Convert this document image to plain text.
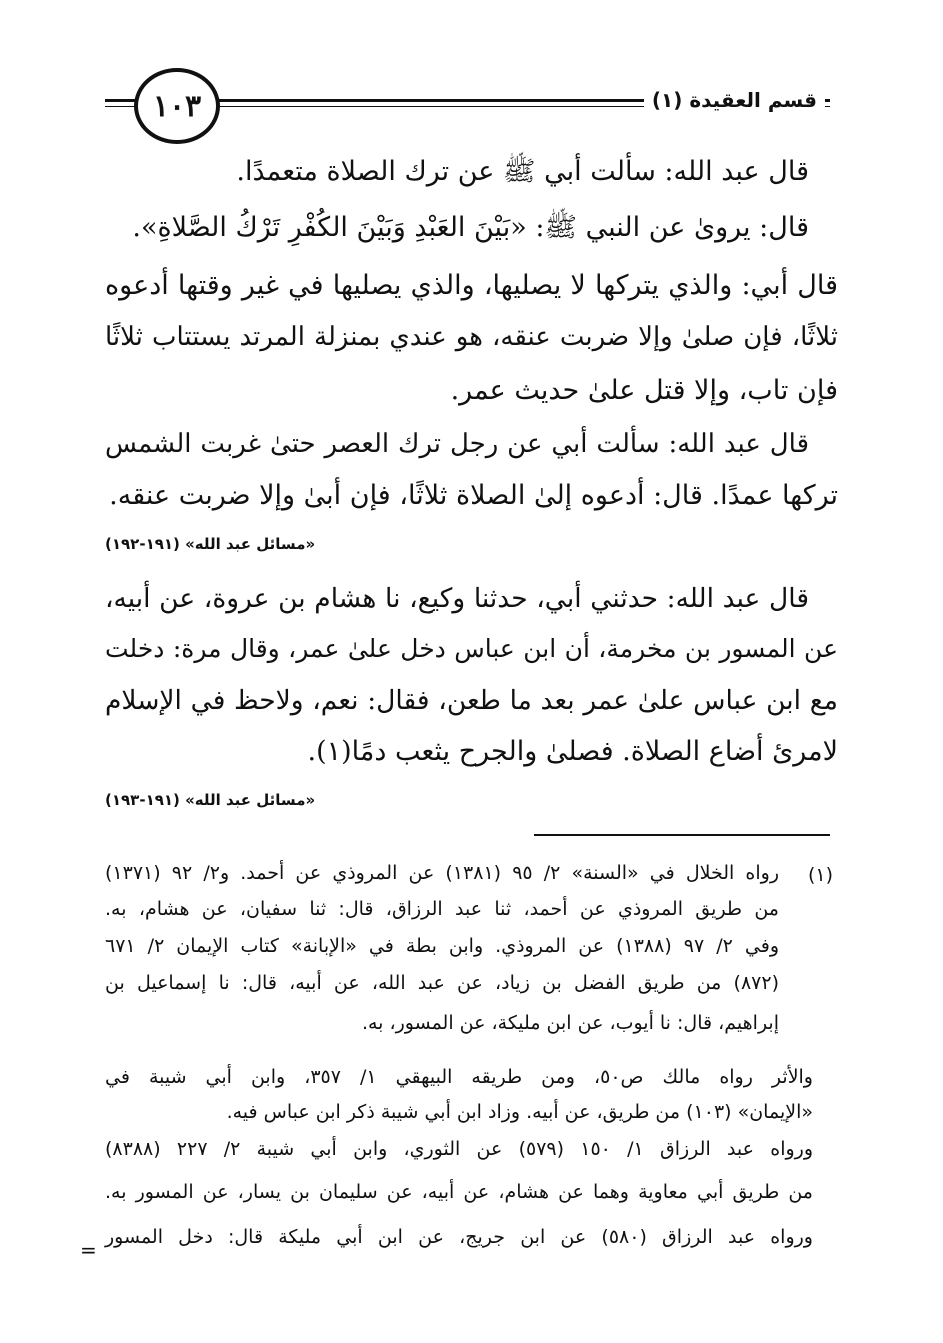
١٠٣	قسم العقيدة (١)
قال عبد الله: سألت أبي ﷺ عن ترك الصلاة متعمدًا.
قال: يروىٰ عن النبي ﷺ: «بَيْنَ العَبْدِ وَبَيْنَ الكُفْرِ تَرْكُ الصَّلاةِ».
قال أبي: والذي يتركها لا يصليها، والذي يصليها في غير وقتها أدعوه
ثلاثًا، فإن صلىٰ وإلا ضربت عنقه، هو عندي بمنزلة المرتد يستتاب ثلاثًا
فإن تاب، وإلا قتل علىٰ حديث عمر.
قال عبد الله: سألت أبي عن رجل ترك العصر حتىٰ غربت الشمس
تركها عمدًا. قال: أدعوه إلىٰ الصلاة ثلاثًا، فإن أبىٰ وإلا ضربت عنقه.
«مسائل عبد الله» (١٩١-١٩٢)
قال عبد الله: حدثني أبي، حدثنا وكيع، نا هشام بن عروة، عن أبيه،
عن المسور بن مخرمة، أن ابن عباس دخل علىٰ عمر، وقال مرة: دخلت
مع ابن عباس علىٰ عمر بعد ما طعن، فقال: نعم، ولاحظ في الإسلام
لامرئ أضاع الصلاة. فصلىٰ والجرح يثعب دمًا(١).
«مسائل عبد الله» (١٩١-١٩٣)
(١)
رواه الخلال في «السنة» ٢/ ٩٥ (١٣٨١) عن المروذي عن أحمد. و٢/ ٩٢ (١٣٧١)
من طريق المروذي عن أحمد، ثنا عبد الرزاق، قال: ثنا سفيان، عن هشام، به.
وفي ٢/ ٩٧ (١٣٨٨) عن المروذي. وابن بطة في «الإبانة» كتاب الإيمان ٢/ ٦٧١
(٨٧٢) من طريق الفضل بن زياد، عن عبد الله، عن أبيه، قال: نا إسماعيل بن
إبراهيم، قال: نا أيوب، عن ابن مليكة، عن المسور، به.
والأثر رواه مالك ص٥٠، ومن طريقه البيهقي ١/ ٣٥٧، وابن أبي شيبة في
«الإيمان» (١٠٣) من طريق، عن أبيه. وزاد ابن أبي شيبة ذكر ابن عباس فيه.
ورواه عبد الرزاق ١/ ١٥٠ (٥٧٩) عن الثوري، وابن أبي شيبة ٢/ ٢٢٧ (٨٣٨٨)
من طريق أبي معاوية وهما عن هشام، عن أبيه، عن سليمان بن يسار، عن المسور به.
ورواه عبد الرزاق (٥٨٠) عن ابن جريج، عن ابن أبي مليكة قال: دخل المسور
=
